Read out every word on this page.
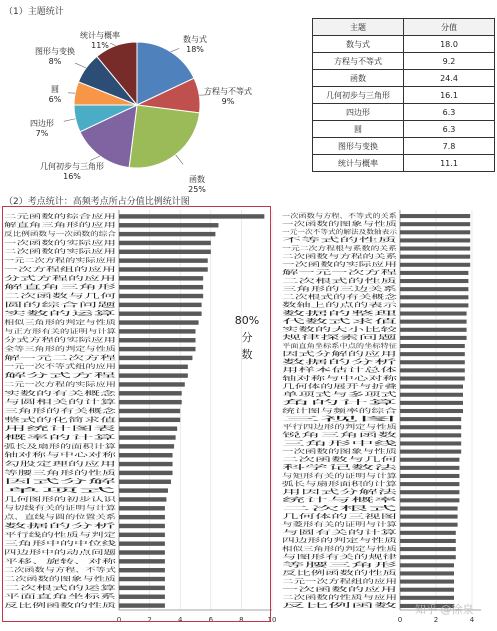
（1）主题统计
数与式
18%
方程与不等式
9%
函数
25%
几何初步与三角形
16%
四边形
7%
圆
6%
图形与变换
8%
统计与概率
11%
主题	分值
数与式	18.0
方程与不等式	9.2
函数	24.4
几何初步与三角形	16.1
四边形	6.3
圆	6.3
图形与变换	7.8
统计与概率	11.1
（2）考点统计：高频考点所占分值比例统计图
0	2	4	6	8	10
二元函数的综合应用
解直角三角形的应用
反比例函数与一次函数的综合
一次函数的实际应用
二次函数的实际应用
一元二次方程的实际应用
一次方程组的应用
分式方程的应用
解直角三角形
二次函数与几何
圆的综合问题
实数的运算
相似三角形的判定与性质
与正方形有关的证明与计算
分式方程的实际应用
全等三角形的判定与性质
解一元二次方程
一元一次不等式组的应用
解分式方程
二元一次方程的实际应用
实数的有关概念
与圆相关的计算
三角形的有关概念
整式的化简求值
用统计图表
概率的计算
弧长及扇形的面积计算
轴对称与中心对称
勾股定理的应用
等腰三角形的性质
因式分解
单项式
几何图形的初步认识
与切线有关的证明与计算
点、直线与圆的位置关系
数据的分析
平行线的性质与判定
三角形中的中位线
四边形中的动点问题
平移、旋转、对称
二次函数与方程、不等式
二次函数的图象与性质
二次根式的运算
平面直角坐标系
反比例函数的性质
0	2	4
一次函数与方程、不等式的关系
一次函数的图象与性质
一元一次不等式的解法及数轴表示
不等式的性质
一元二次方程根与系数的关系
二次函数与方程的关系
一次函数的实际应用
解一元一次方程
二次根式的性质
三角形的三边关系
二次根式的有关概念
数轴上的点的表示
数据的整理
代数式求值
实数的大小比较
规律探索问题
平面直角坐标系中点的坐标特征
因式分解的应用
数据的分析
用样本估计总体
轴对称与中心对称
几何体的展开与折叠
单项式与多项式
角的计算
统计图与频率的综合
三视图
平行四边形的判定与性质
锐角三角函数
三角形中线
一次函数的图象与性质
二次函数与几何
科学记数法
与矩形有关的证明与计算
弧长与扇形面积的计算
用因式分解法
统计与概率
二次根式
几何体的三视图
与菱形有关的证明与计算
与圆有关的计算
四边形的判定与性质
相似三角形的判定与性质
与图形有关的规律
等腰三角形
反比例函数的性质
二元一次方程组的应用
一次函数的应用
二次函数的性质与应用
反比例函数
80%
分
数
知乎 @徐泉
